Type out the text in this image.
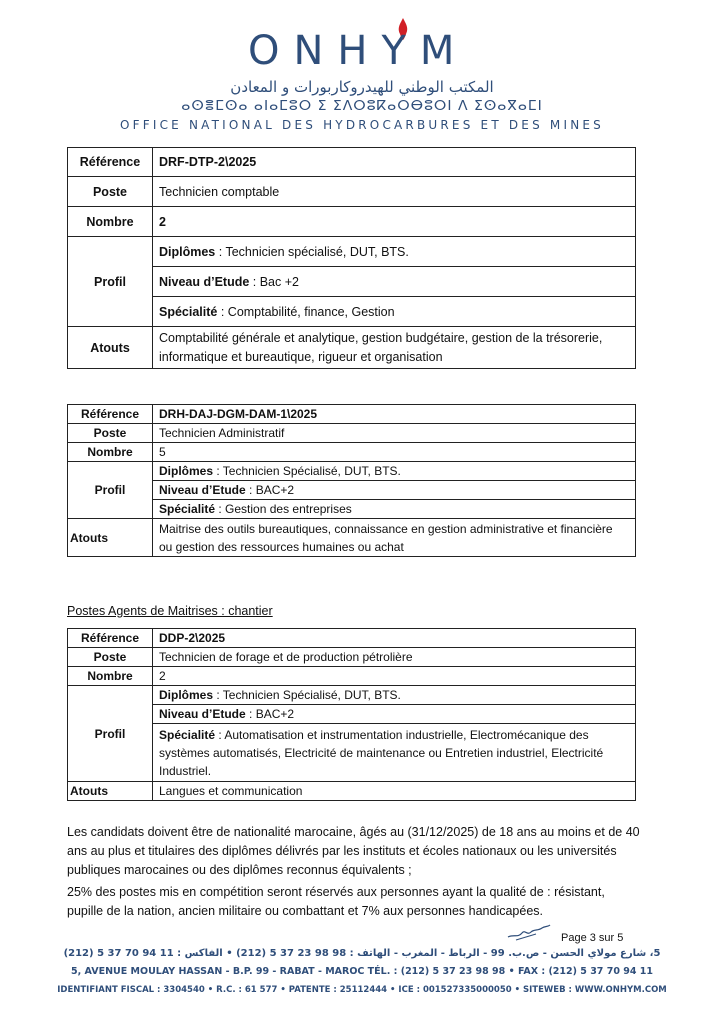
ONHYM
المكتب الوطني للهيدروكاربورات و المعادن
ⴰⵙⴻⵎⵙⴰ ⴰⵏⴰⵎⵓⵔ ⵉ ⵉⴷⵔⵓⴽⴰⵔⴱⵓⵔⵏ ⴷ ⵉⵙⴰⴳⴰⵎⵏ
OFFICE NATIONAL DES HYDROCARBURES ET DES MINES
Référence	DRF-DTP-2\2025
Poste	Technicien comptable
Nombre	2
Profil	Diplômes : Technicien spécialisé, DUT, BTS.
	Niveau d’Etude : Bac +2
	Spécialité : Comptabilité, finance, Gestion
Atouts	Comptabilité générale et analytique, gestion budgétaire, gestion de la trésorerie, informatique et bureautique, rigueur et organisation
Référence	DRH-DAJ-DGM-DAM-1\2025
Poste	Technicien Administratif
Nombre	5
Profil	Diplômes : Technicien Spécialisé, DUT, BTS.
	Niveau d’Etude : BAC+2
	Spécialité : Gestion des entreprises
Atouts	Maitrise des outils bureautiques, connaissance en gestion administrative et financière ou gestion des ressources humaines ou achat
Postes Agents de Maitrises : chantier
Référence	DDP-2\2025
Poste	Technicien de forage et de production pétrolière
Nombre	2
Profil	Diplômes : Technicien Spécialisé, DUT, BTS.
	Niveau d’Etude : BAC+2
	Spécialité : Automatisation et instrumentation industrielle, Electromécanique des systèmes automatisés, Electricité de maintenance ou Entretien industriel, Electricité Industriel.
Atouts	Langues et communication

Les candidats doivent être de nationalité marocaine, âgés au (31/12/2025) de 18 ans au moins et de 40 ans au plus et titulaires des diplômes délivrés par les instituts et écoles nationaux ou les universités publiques marocaines ou des diplômes reconnus équivalents ;

25% des postes mis en compétition seront réservés aux personnes ayant la qualité de : résistant, pupille de la nation, ancien militaire ou combattant et 7% aux personnes handicapées.

Page 3 sur 5
5، شارع مولاي الحسن - ص.ب. 99 - الرباط - المغرب - الهاتف : 98 98 23 37 5 (212) • الفاكس : 11 94 70 37 5 (212)
5, AVENUE MOULAY HASSAN - B.P. 99 - RABAT - MAROC TÉL. : (212) 5 37 23 98 98 • FAX : (212) 5 37 70 94 11
IDENTIFIANT FISCAL : 3304540 • R.C. : 61 577 • PATENTE : 25112444 • ICE : 001527335000050 • SITEWEB : WWW.ONHYM.COM
